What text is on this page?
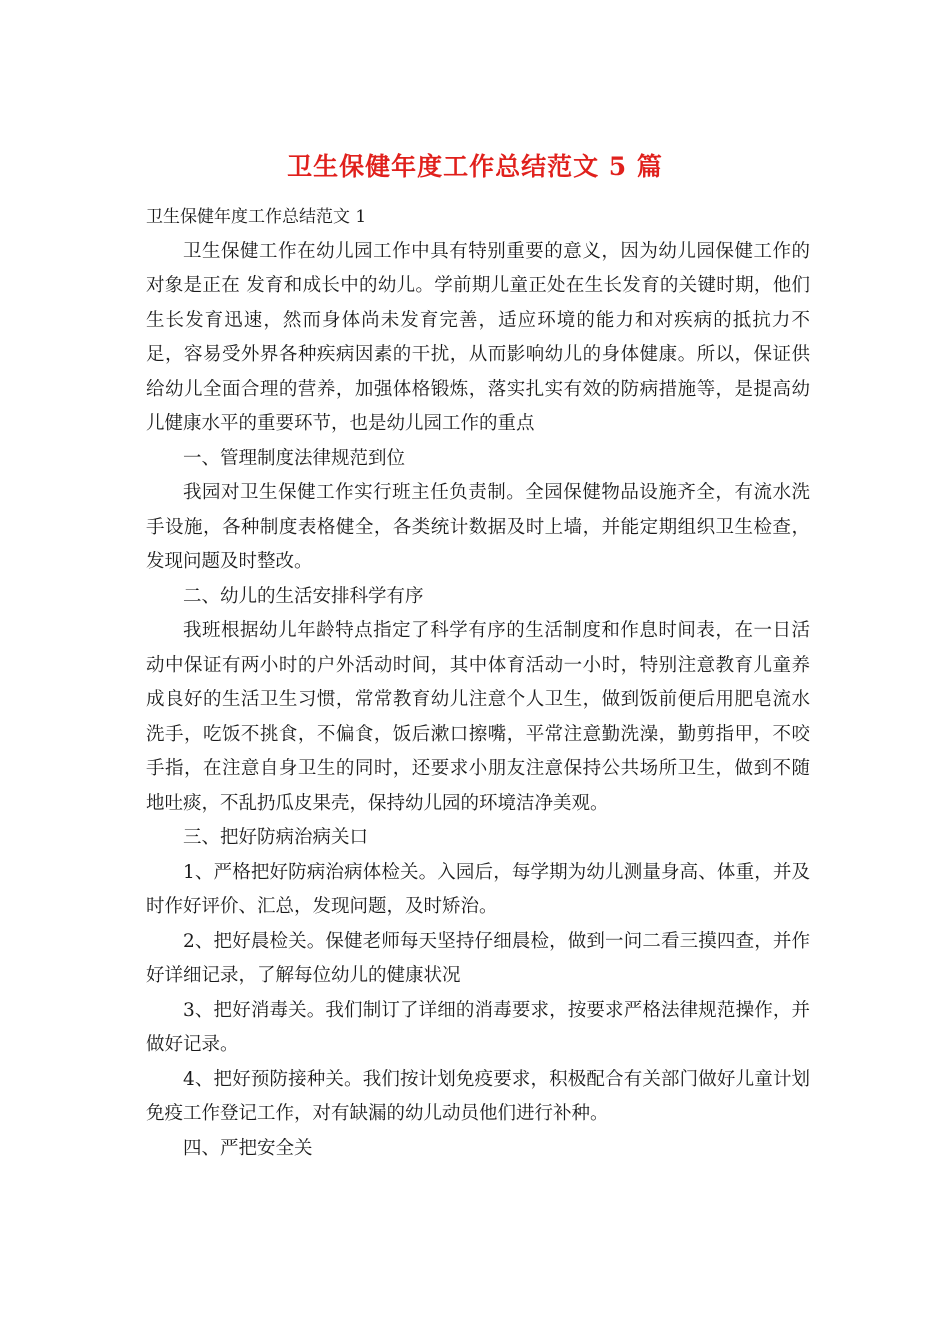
卫生保健年度工作总结范文 5 篇

卫生保健年度工作总结范文 1

卫生保健工作在幼儿园工作中具有特别重要的意义，因为幼儿园保健工作的对象是正在 发育和成长中的幼儿。学前期儿童正处在生长发育的关键时期，他们生长发育迅速，然而身体尚未发育完善，适应环境的能力和对疾病的抵抗力不足，容易受外界各种疾病因素的干扰，从而影响幼儿的身体健康。所以，保证供给幼儿全面合理的营养，加强体格锻炼，落实扎实有效的防病措施等，是提高幼儿健康水平的重要环节，也是幼儿园工作的重点

一、管理制度法律规范到位

我园对卫生保健工作实行班主任负责制。全园保健物品设施齐全，有流水洗手设施，各种制度表格健全，各类统计数据及时上墙，并能定期组织卫生检查， 发现问题及时整改。

二、幼儿的生活安排科学有序

我班根据幼儿年龄特点指定了科学有序的生活制度和作息时间表，在一日活动中保证有两小时的户外活动时间，其中体育活动一小时，特别注意教育儿童养成良好的生活卫生习惯，常常教育幼儿注意个人卫生，做到饭前便后用肥皂流水洗手，吃饭不挑食，不偏食，饭后漱口擦嘴，平常注意勤洗澡，勤剪指甲，不咬手指，在注意自身卫生的同时，还要求小朋友注意保持公共场所卫生，做到不随地吐痰，不乱扔瓜皮果壳，保持幼儿园的环境洁净美观。

三、把好防病治病关口

1、严格把好防病治病体检关。入园后，每学期为幼儿测量身高、体重，并及时作好评价、汇总，发现问题，及时矫治。

2、把好晨检关。保健老师每天坚持仔细晨检，做到一问二看三摸四查，并作好详细记录，了解每位幼儿的健康状况

3、把好消毒关。我们制订了详细的消毒要求，按要求严格法律规范操作，并做好记录。

4、把好预防接种关。我们按计划免疫要求，积极配合有关部门做好儿童计划免疫工作登记工作，对有缺漏的幼儿动员他们进行补种。

四、严把安全关
